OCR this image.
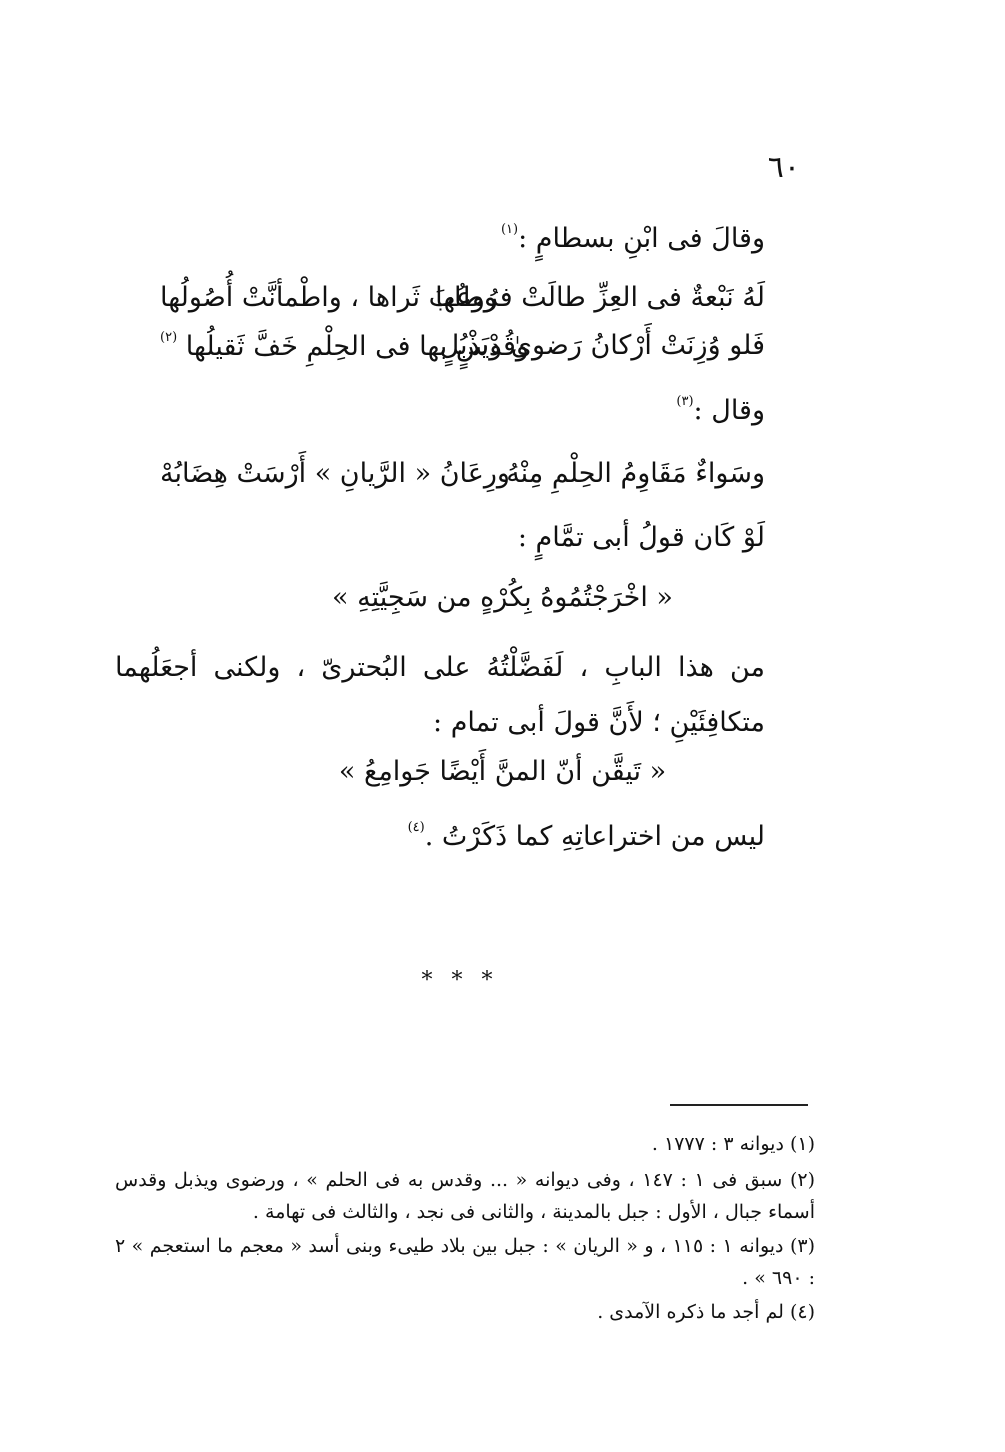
٦٠
وقالَ فى ابْنِ بسطامٍ :$^{(١)}$
لَهُ نَبْعةٌ فى العِزِّ طالَتْ فرُوعُها
وطابَ ثَراها ، واطْمأنَّتْ أُصُولُها
فَلو وُزِنَتْ أَرْكانُ رَضوىٰ ويَذْبُلٍ
وقُدْسٍ بها فى الحِلْمِ خَفَّ ثَقيلُها $^{(٢)}$
وقال :$^{(٣)}$
وسَواءٌ مَقَاوِمُ الحِلْمِ مِنْهُ
ورِعَانُ « الرَّيانِ » أَرْسَتْ هِضَابُهْ
لَوْ كَان قولُ أبى تمَّامٍ :
« اخْرَجْتُمُوهُ بِكُرْهٍ من سَجِيَّتِهِ »
من هذا البابِ ، لَفَضَّلْتُهُ على البُحترىّ ، ولكنى أجعَلُهما متكافِئَيْنِ ؛ لأَنَّ قولَ أبى تمام :
« تَيقَّن أنّ المنَّ أَيْضًا جَوامِعُ »
ليس من اختراعاتِهِ كما ذَكَرْتُ .$^{(٤)}$
* * *
(١) ديوانه ٣ : ١٧٧٧ .
(٢) سبق فى ١ : ١٤٧ ، وفى ديوانه « ... وقدس به فى الحلم » ، ورضوى ويذبل وقدس أسماء جبال ، الأول : جبل بالمدينة ، والثانى فى نجد ، والثالث فى تهامة .
(٣) ديوانه ١ : ١١٥ ، و « الريان » : جبل بين بلاد طيىء وبنى أسد « معجم ما استعجم » ٢ : ٦٩٠ » .
(٤) لم أجد ما ذكره الآمدى .
